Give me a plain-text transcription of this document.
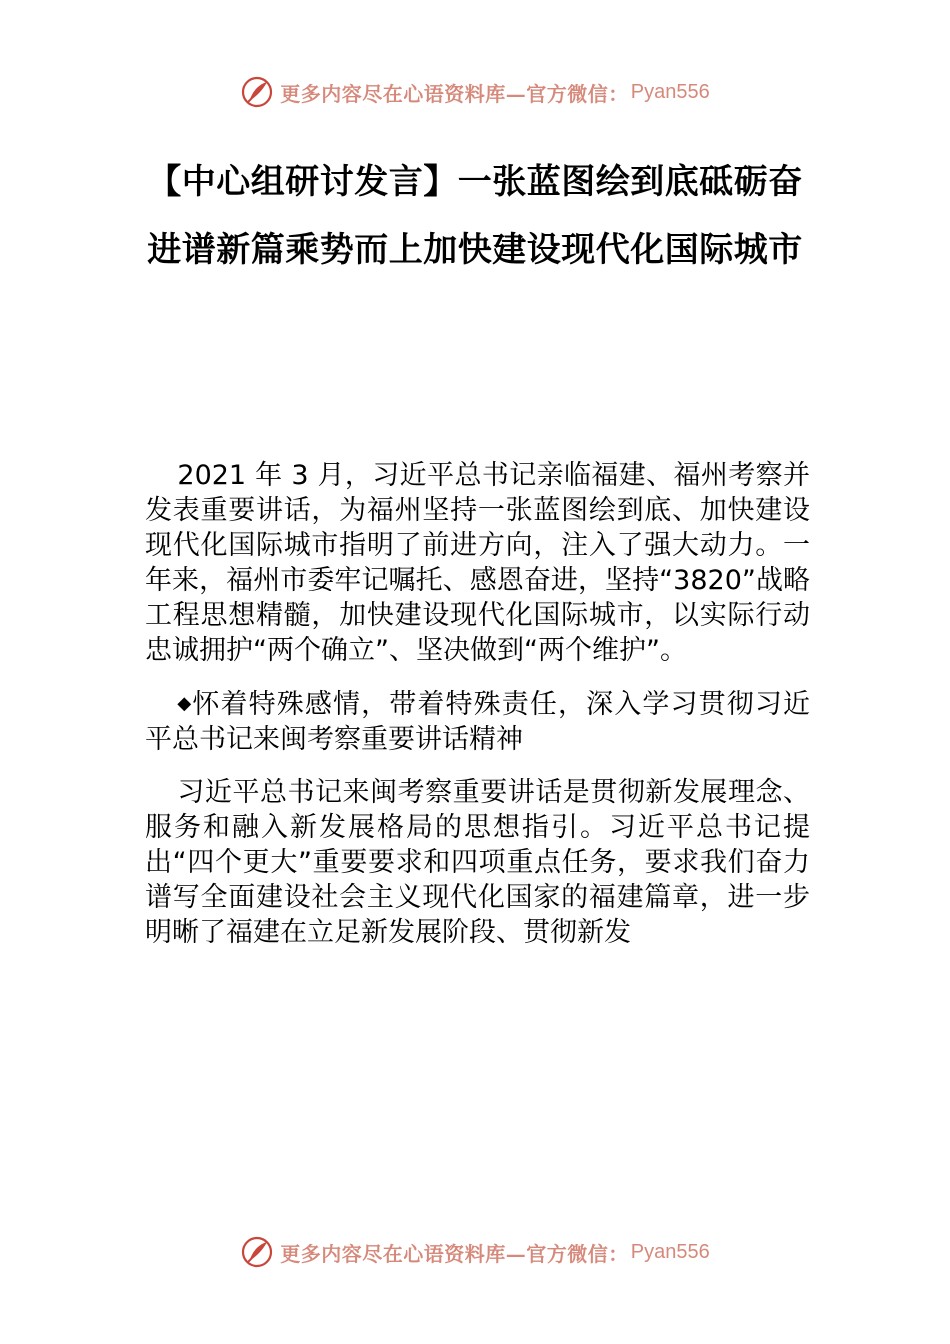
更多内容尽在心语资料库—官方微信： Pyan556
【中心组研讨发言】一张蓝图绘到底砥砺奋进谱新篇乘势而上加快建设现代化国际城市

2021 年 3 月，习近平总书记亲临福建、福州考察并发表重要讲话，为福州坚持一张蓝图绘到底、加快建设现代化国际城市指明了前进方向，注入了强大动力。一年来，福州市委牢记嘱托、感恩奋进，坚持“3820”战略工程思想精髓，加快建设现代化国际城市，以实际行动忠诚拥护“两个确立”、坚决做到“两个维护”。

◆怀着特殊感情，带着特殊责任，深入学习贯彻习近平总书记来闽考察重要讲话精神

习近平总书记来闽考察重要讲话是贯彻新发展理念、服务和融入新发展格局的思想指引。习近平总书记提出“四个更大”重要要求和四项重点任务，要求我们奋力谱写全面建设社会主义现代化国家的福建篇章，进一步明晰了福建在立足新发展阶段、贯彻新发

更多内容尽在心语资料库—官方微信： Pyan556
